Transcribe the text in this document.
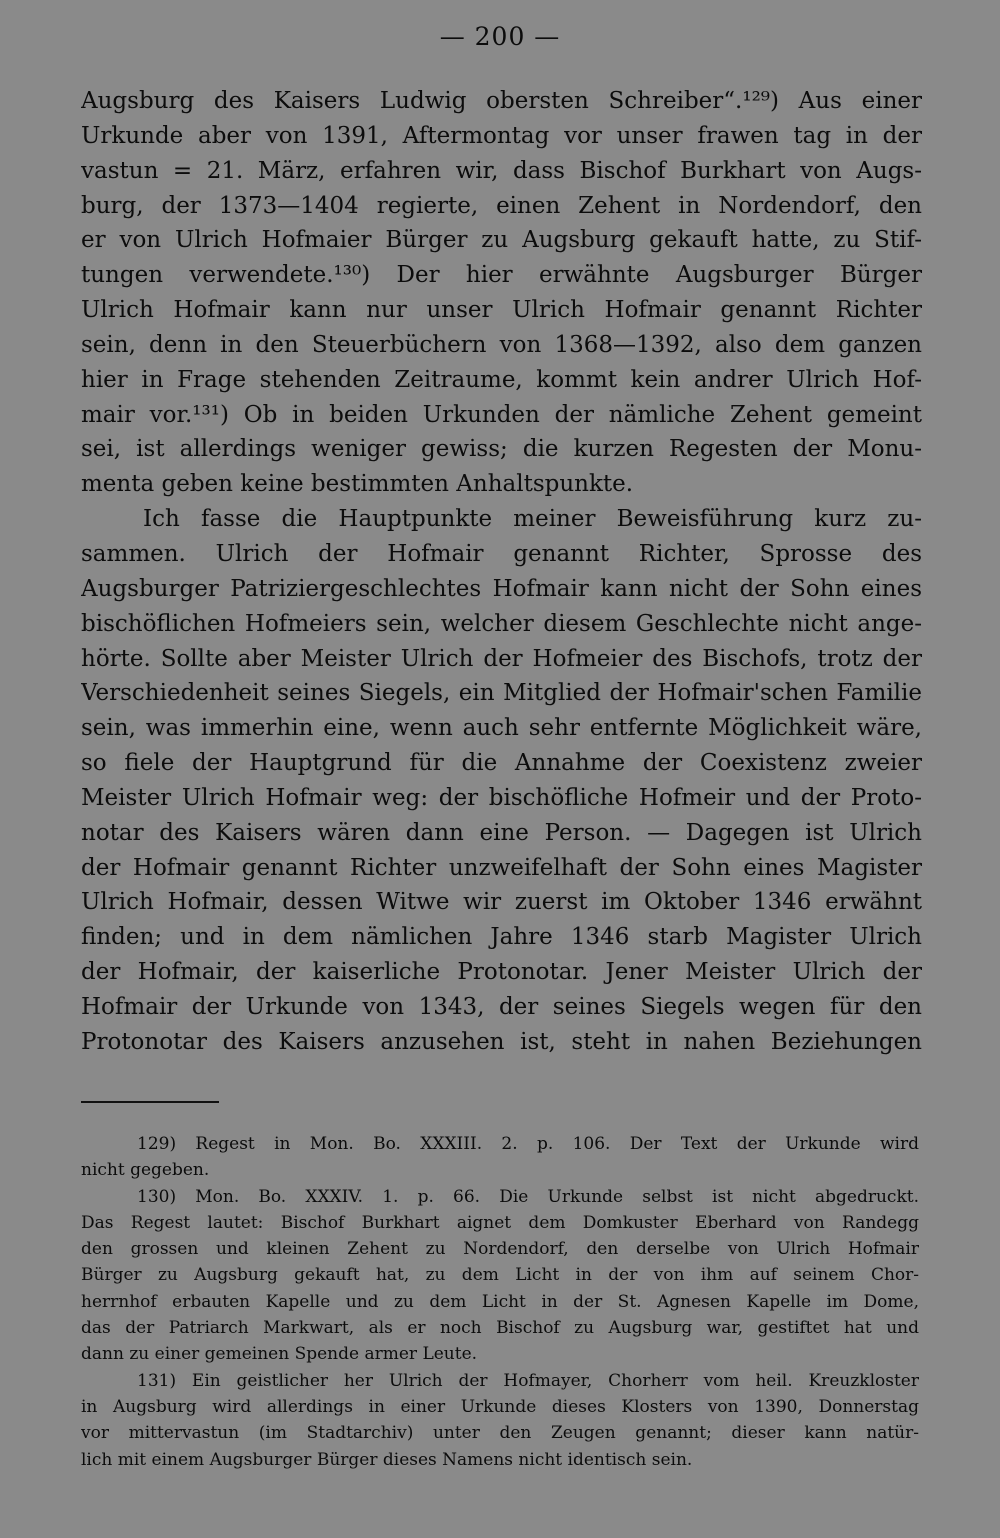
— 200 —
Augsburg des Kaisers Ludwig obersten Schreiber“.¹²⁹) Aus einer
Urkunde aber von 1391, Aftermontag vor unser frawen tag in der
vastun = 21. März, erfahren wir, dass Bischof Burkhart von Augs-
burg, der 1373—1404 regierte, einen Zehent in Nordendorf, den
er von Ulrich Hofmaier Bürger zu Augsburg gekauft hatte, zu Stif-
tungen verwendete.¹³⁰) Der hier erwähnte Augsburger Bürger
Ulrich Hofmair kann nur unser Ulrich Hofmair genannt Richter
sein, denn in den Steuerbüchern von 1368—1392, also dem ganzen
hier in Frage stehenden Zeitraume, kommt kein andrer Ulrich Hof-
mair vor.¹³¹) Ob in beiden Urkunden der nämliche Zehent gemeint
sei, ist allerdings weniger gewiss; die kurzen Regesten der Monu-
menta geben keine bestimmten Anhaltspunkte.
Ich fasse die Hauptpunkte meiner Beweisführung kurz zu-
sammen. Ulrich der Hofmair genannt Richter, Sprosse des
Augsburger Patriziergeschlechtes Hofmair kann nicht der Sohn eines
bischöflichen Hofmeiers sein, welcher diesem Geschlechte nicht ange-
hörte. Sollte aber Meister Ulrich der Hofmeier des Bischofs, trotz der
Verschiedenheit seines Siegels, ein Mitglied der Hofmair'schen Familie
sein, was immerhin eine, wenn auch sehr entfernte Möglichkeit wäre,
so fiele der Hauptgrund für die Annahme der Coexistenz zweier
Meister Ulrich Hofmair weg: der bischöfliche Hofmeir und der Proto-
notar des Kaisers wären dann eine Person. — Dagegen ist Ulrich
der Hofmair genannt Richter unzweifelhaft der Sohn eines Magister
Ulrich Hofmair, dessen Witwe wir zuerst im Oktober 1346 erwähnt
finden; und in dem nämlichen Jahre 1346 starb Magister Ulrich
der Hofmair, der kaiserliche Protonotar. Jener Meister Ulrich der
Hofmair der Urkunde von 1343, der seines Siegels wegen für den
Protonotar des Kaisers anzusehen ist, steht in nahen Beziehungen
129) Regest in Mon. Bo. XXXIII. 2. p. 106. Der Text der Urkunde wird
nicht gegeben.
130) Mon. Bo. XXXIV. 1. p. 66. Die Urkunde selbst ist nicht abgedruckt.
Das Regest lautet: Bischof Burkhart aignet dem Domkuster Eberhard von Randegg
den grossen und kleinen Zehent zu Nordendorf, den derselbe von Ulrich Hofmair
Bürger zu Augsburg gekauft hat, zu dem Licht in der von ihm auf seinem Chor-
herrnhof erbauten Kapelle und zu dem Licht in der St. Agnesen Kapelle im Dome,
das der Patriarch Markwart, als er noch Bischof zu Augsburg war, gestiftet hat und
dann zu einer gemeinen Spende armer Leute.
131) Ein geistlicher her Ulrich der Hofmayer, Chorherr vom heil. Kreuzkloster
in Augsburg wird allerdings in einer Urkunde dieses Klosters von 1390, Donnerstag
vor mittervastun (im Stadtarchiv) unter den Zeugen genannt; dieser kann natür-
lich mit einem Augsburger Bürger dieses Namens nicht identisch sein.
